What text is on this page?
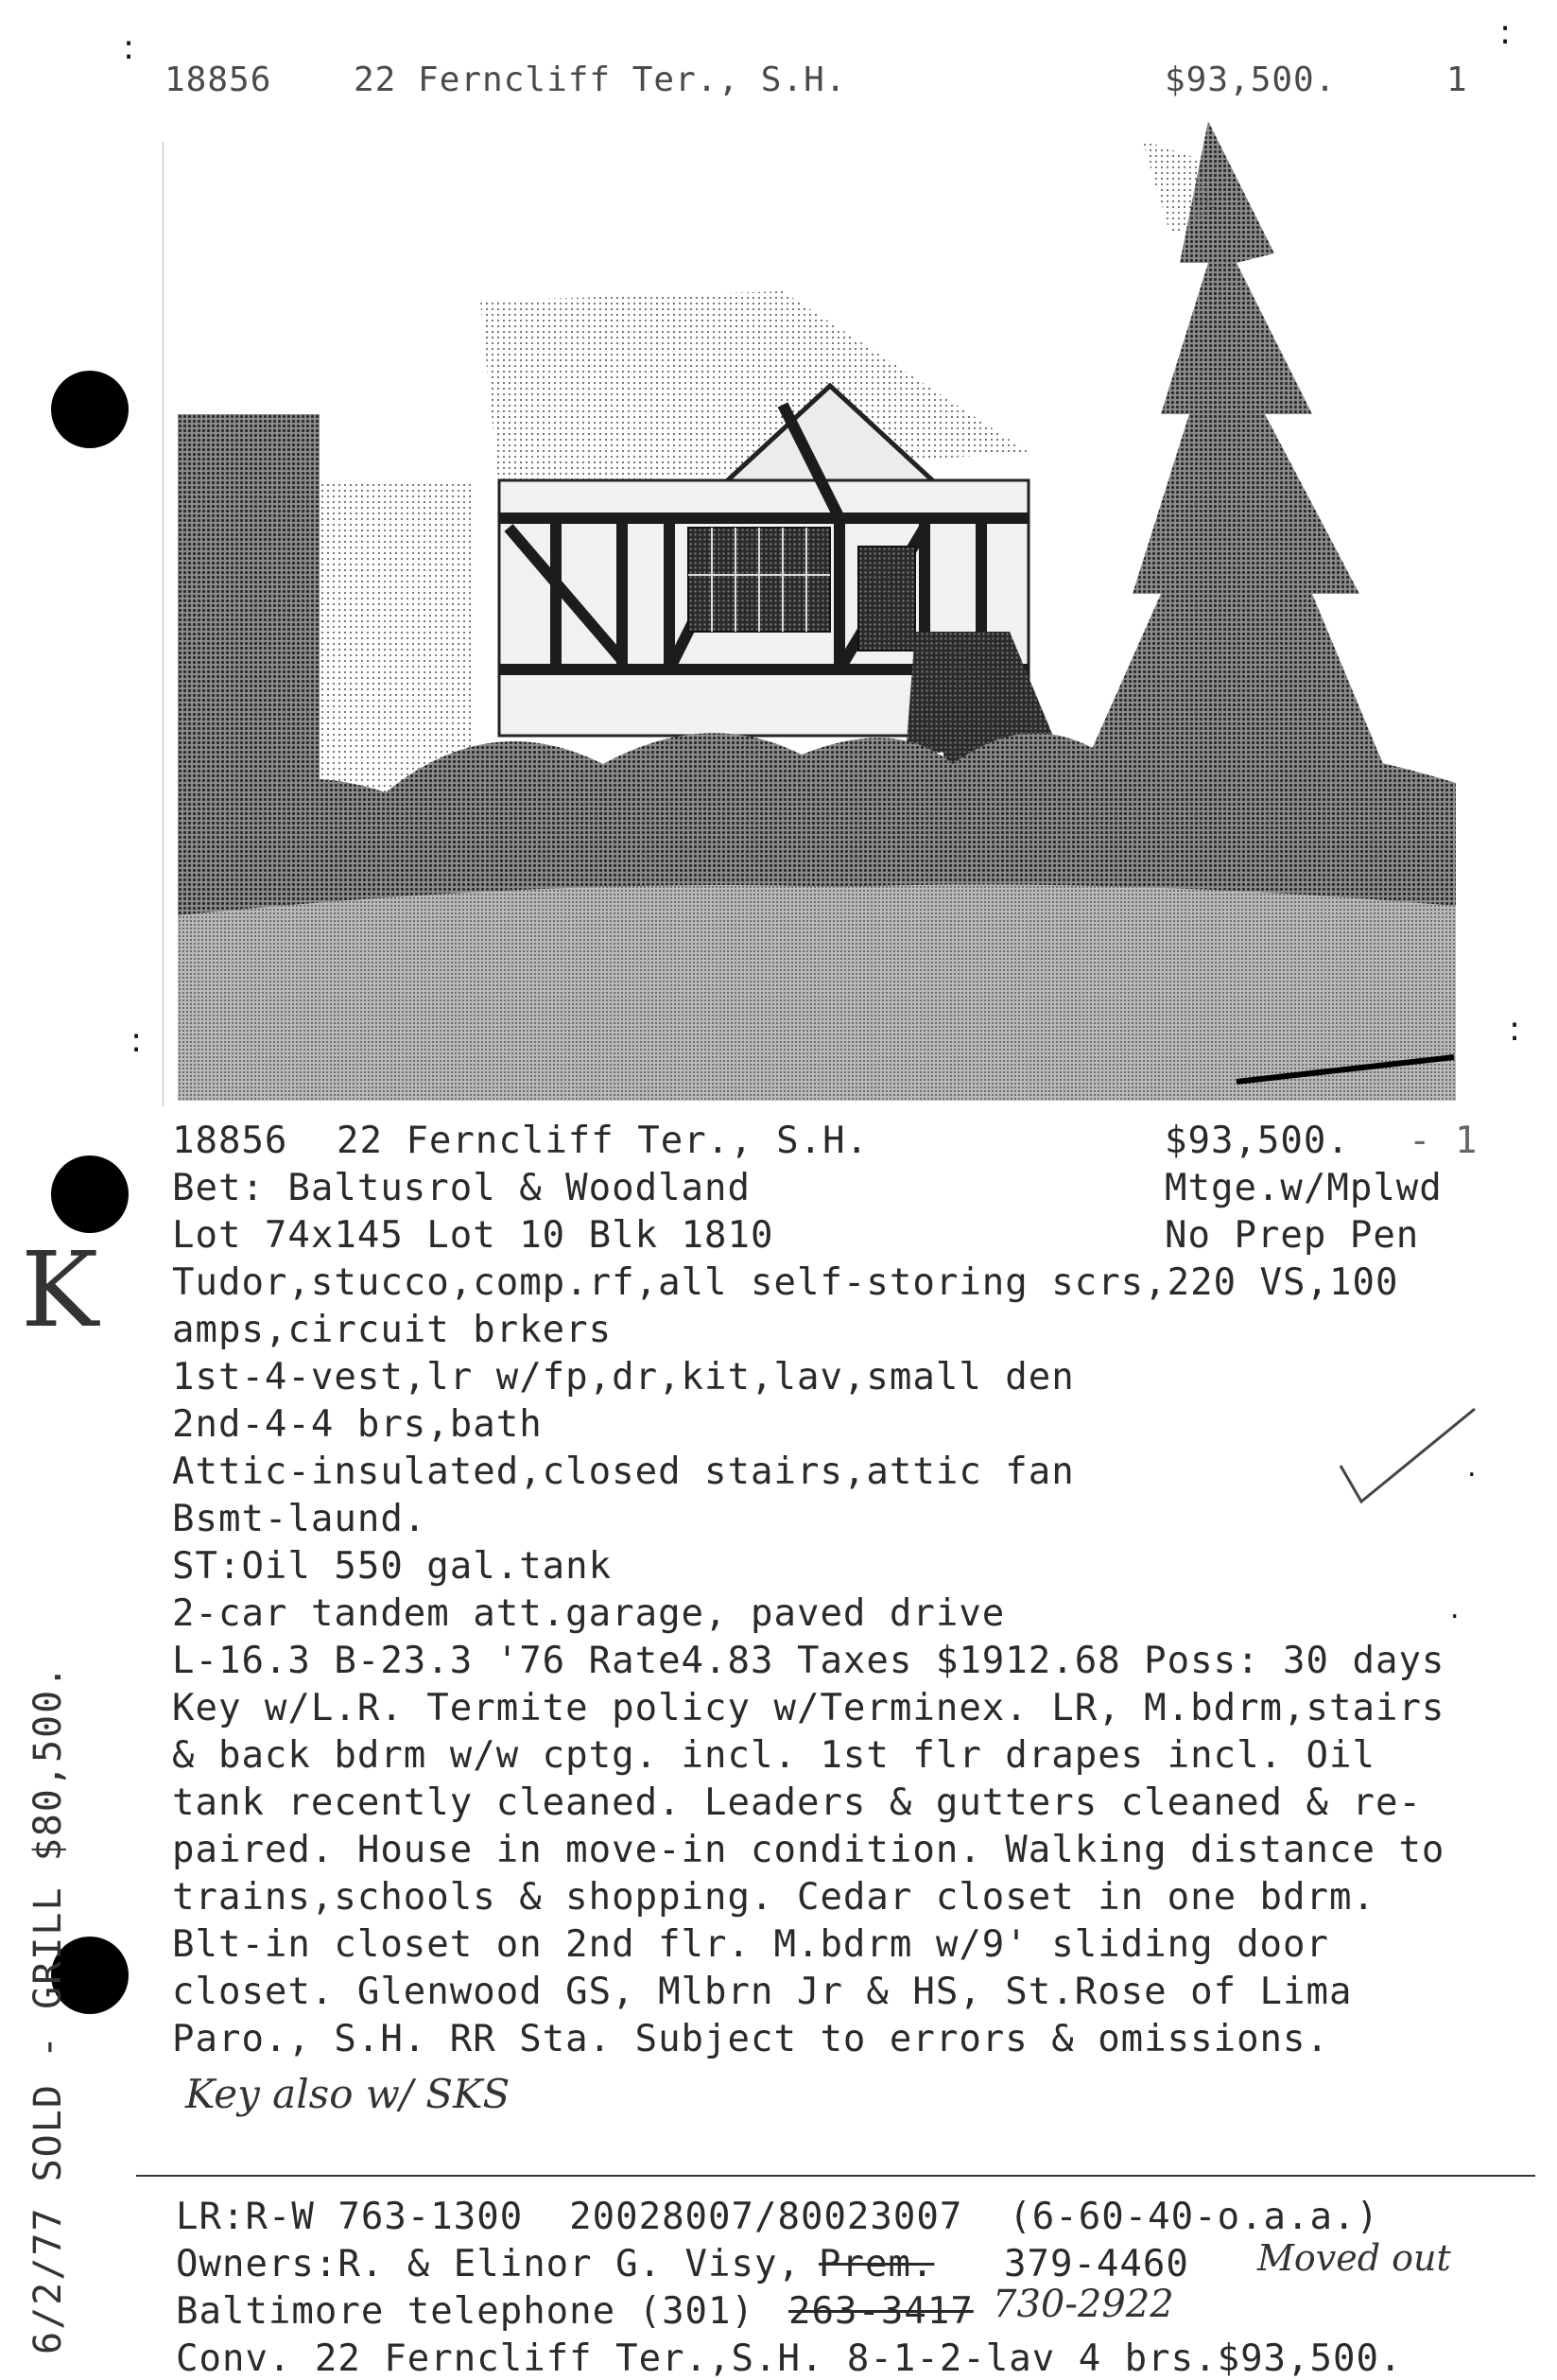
:	:
:	:
18856 22 Ferncliff Ter., S.H.	$93,500.	1
18856 22 Ferncliff Ter., S.H.	$93,500. - 1
Bet: Baltusrol & Woodland	Mtge.w/Mplwd
Lot 74x145 Lot 10 Blk 1810	No Prep Pen
Tudor,stucco,comp.rf,all self-storing scrs,220 VS,100
amps,circuit brkers
1st-4-vest,lr w/fp,dr,kit,lav,small den
2nd-4-4 brs,bath
Attic-insulated,closed stairs,attic fan
Bsmt-laund.
ST:Oil 550 gal.tank
2-car tandem att.garage, paved drive
L-16.3 B-23.3 '76 Rate4.83 Taxes $1912.68 Poss: 30 days
Key w/L.R. Termite policy w/Terminex. LR, M.bdrm,stairs
& back bdrm w/w cptg. incl. 1st flr drapes incl. Oil
tank recently cleaned. Leaders & gutters cleaned & re-
paired. House in move-in condition. Walking distance to
trains,schools & shopping. Cedar closet in one bdrm.
Blt-in closet on 2nd flr. M.bdrm w/9' sliding door
closet. Glenwood GS, Mlbrn Jr & HS, St.Rose of Lima
Paro., S.H. RR Sta. Subject to errors & omissions.
Key also w/ SKS
K
730-2922
Moved out
.
.
6/2/77 SOLD - GRILL $80,500.	LR:R-W 763-1300  20028007/80023007  (6-60-40-o.a.a.)
Owners:R. & Elinor G. Visy, Prem. 379-4460
Baltimore telephone (301) 263-3417
Conv. 22 Ferncliff Ter.,S.H. 8-1-2-lav 4 brs.$93,500.
